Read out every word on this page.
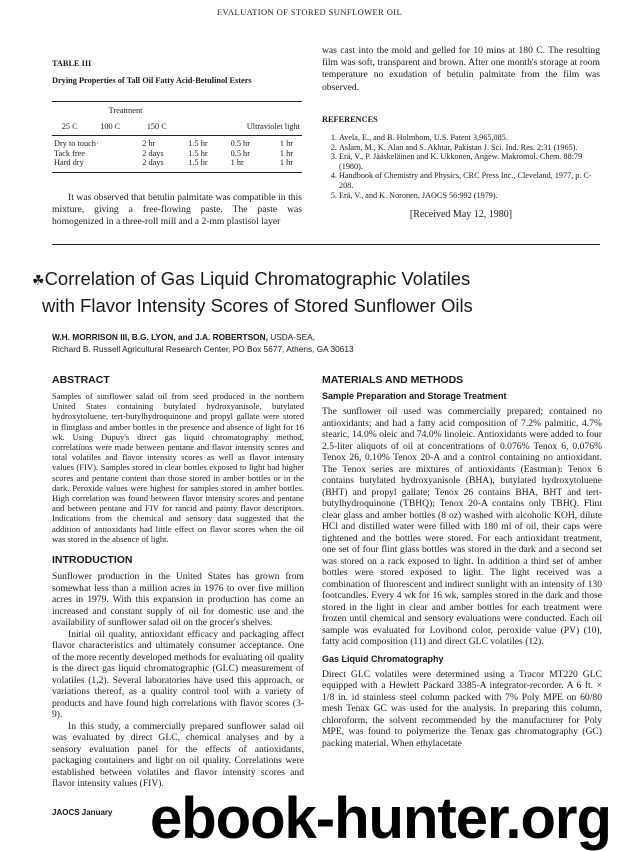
EVALUATION OF STORED SUNFLOWER OIL
TABLE III
Drying Properties of Tall Oil Fatty Acid-Betulinol Esters
	Treatment			
	25 C	100 C	150 C	Ultraviolet light
Dry to touch·	2 hr	1.5 hr	0.5 hr	1 hr
Tack free	2 days	1.5 hr	0.5 hr	1 hr
Hard dry	2 days	1.5 hr	1 hr	1 hr

It was observed that betulin palmitate was compatible in this mixture, giving a free-flowing paste. The paste was homogenized in a three-roll mill and a 2-mm plastisol layer

was cast into the mold and gelled for 10 mins at 180 C. The resulting film was soft, transparent and brown. After one month's storage at room temperature no exudation of betulin palmitate from the film was observed.

REFERENCES
1. Avela, E., and B. Holmbom, U.S. Patent 3,965,085.
2. Aslam, M., K. Alan and S. Akhtar, Pakistan J. Sci. Ind. Res. 2:31 (1965).
3. Erä, V., P. Jääskeläinen and K. Ukkonen, Angew. Makromol. Chem. 88:79 (1980).
4. Handbook of Chemistry and Physics, CRC Press Inc., Cleveland, 1977, p. C-208.
5. Erä, V., and K. Noronen, JAOCS 56:992 (1979).
[Received May 12, 1980]
☘Correlation of Gas Liquid Chromatographic Volatiles
with Flavor Intensity Scores of Stored Sunflower Oils
W.H. MORRISON III, B.G. LYON, and J.A. ROBERTSON, USDA-SEA,
Richard B. Russell Agricultural Research Center, PO Box 5677, Athens, GA 30613
ABSTRACT

Samples of sunflower salad oil from seed produced in the northern United States containing butylated hydroxyanisole, butylated hydroxytoluene, tert-butylhydroquinone and propyl gallate were stored in flintglass and amber bottles in the presence and absence of light for 16 wk. Using Dupuy's direct gas liquid chromatography method, correlations were made between pentane and flavor intensity scores and total volatiles and flavor intensity scores as well as flavor intensity values (FIV). Samples stored in clear bottles exposed to light had higher scores and pentane content than those stored in amber bottles or in the dark. Peroxide values were highest for samples stored in amber bottles. High correlation was found between flavor intensity scores and pentane and between pentane and FIV for rancid and painty flavor descriptors. Indications from the chemical and sensory data suggested that the addition of antioxidants had little effect on flavor scores when the oil was stored in the absence of light.

INTRODUCTION

Sunflower production in the United States has grown from somewhat less than a million acres in 1976 to over five million acres in 1979. With this expansion in production has come an increased and constant supply of oil for domestic use and the availability of sunflower salad oil on the grocer's shelves.

Initial oil quality, antioxidant efficacy and packaging affect flavor characteristics and ultimately consumer acceptance. One of the more recently developed methods for evaluating oil quality is the direct gas liquid chromatographic (GLC) measurement of volatiles (1,2). Several laboratories have used this approach, or variations thereof, as a quality control tool with a variety of products and have found high correlations with flavor scores (3-9).

In this study, a commercially prepared sunflower salad oil was evaluated by direct GLC, chemical analyses and by a sensory evaluation panel for the effects of antioxidants, packaging containers and light on oil quality. Correlations were established between volatiles and flavor intensity scores and flavor intensity values (FIV).

MATERIALS AND METHODS
Sample Preparation and Storage Treatment

The sunflower oil used was commercially prepared; contained no antioxidants; and had a fatty acid composition of 7.2% palmitic, 4.7% stearic, 14.0% oleic and 74.0% linoleic. Antioxidants were added to four 2.5-liter aliquots of oil at concentrations of 0.076% Tenox 6, 0.076% Tenox 26, 0.10% Tenox 20-A and a control containing no antioxidant. The Tenox series are mixtures of antioxidants (Eastman): Tenox 6 contains butylated hydroxyanisole (BHA), butylated hydroxytoluene (BHT) and propyl gallate; Tenox 26 contains BHA, BHT and tert-butylhydroquinone (TBHQ); Tenox 20-A contains only TBHQ. Flint clear glass and amber bottles (8 oz) washed with alcoholic KOH, dilute HCl and distilled water were filled with 180 ml of oil, their caps were tightened and the bottles were stored. For each antioxidant treatment, one set of four flint glass bottles was stored in the dark and a second set was stored on a rack exposed to light. In addition a third set of amber bottles were stored exposed to light. The light received was a combination of fluorescent and indirect sunlight with an intensity of 130 footcandles. Every 4 wk for 16 wk, samples stored in the dark and those stored in the light in clear and amber bottles for each treatment were frozen until chemical and sensory evaluations were conducted. Each oil sample was evaluated for Lovibond color, peroxide value (PV) (10), fatty acid composition (11) and direct GLC volatiles (12).

Gas Liquid Chromatography

Direct GLC volatiles were determined using a Tracor MT220 GLC equipped with a Hewlett Packard 3385-A integrator-recorder. A 6 ft. × 1/8 in. id stainless steel column packed with 7% Poly MPE on 60/80 mesh Tenax GC was used for the analysis. In preparing this column, chloroform, the solvent recommended by the manufacturer for Poly MPE, was found to polymerize the Tenax gas chromatography (GC) packing material. When ethylacetate

JAOCS January ebook-hunter.org
